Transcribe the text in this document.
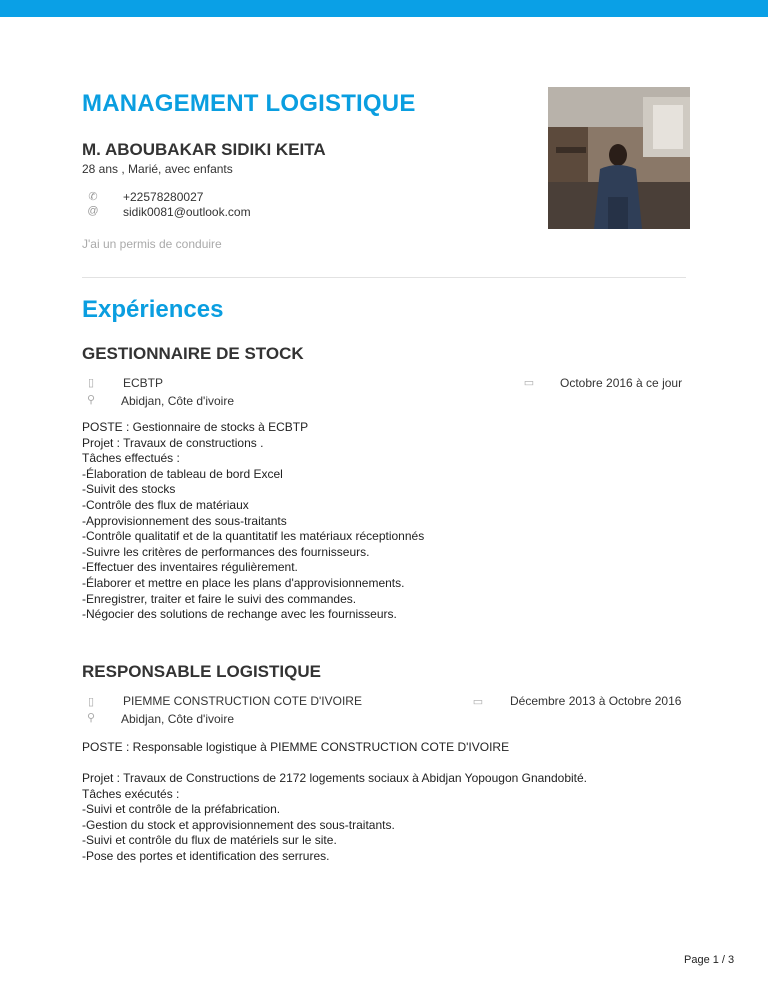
MANAGEMENT LOGISTIQUE
M. ABOUBAKAR SIDIKI KEITA
28 ans , Marié, avec enfants
✆ +22578280027
@ sidik0081@outlook.com
J'ai un permis de conduire
Expériences
GESTIONNAIRE DE STOCK
▯ ECBTP	▭ Octobre 2016 à ce jour
⚲ Abidjan, Côte d'ivoire
POSTE : Gestionnaire de stocks à ECBTP
Projet : Travaux de constructions .
Tâches effectués :
-Élaboration de tableau de bord Excel
-Suivit des stocks
-Contrôle des flux de matériaux
-Approvisionnement des sous-traitants
-Contrôle qualitatif et de la quantitatif les matériaux réceptionnés
-Suivre les critères de performances des fournisseurs.
-Effectuer des inventaires régulièrement.
-Élaborer et mettre en place les plans d'approvisionnements.
-Enregistrer, traiter et faire le suivi des commandes.
-Négocier des solutions de rechange avec les fournisseurs.
RESPONSABLE LOGISTIQUE
▯ PIEMME CONSTRUCTION COTE D'IVOIRE	▭ Décembre 2013 à Octobre 2016
⚲ Abidjan, Côte d'ivoire
POSTE : Responsable logistique à PIEMME CONSTRUCTION COTE D'IVOIRE
Projet : Travaux de Constructions de 2172 logements sociaux à Abidjan Yopougon Gnandobité.
Tâches exécutés :
-Suivi et contrôle de la préfabrication.
-Gestion du stock et approvisionnement des sous-traitants.
-Suivi et contrôle du flux de matériels sur le site.
-Pose des portes et identification des serrures.
Page 1 / 3
